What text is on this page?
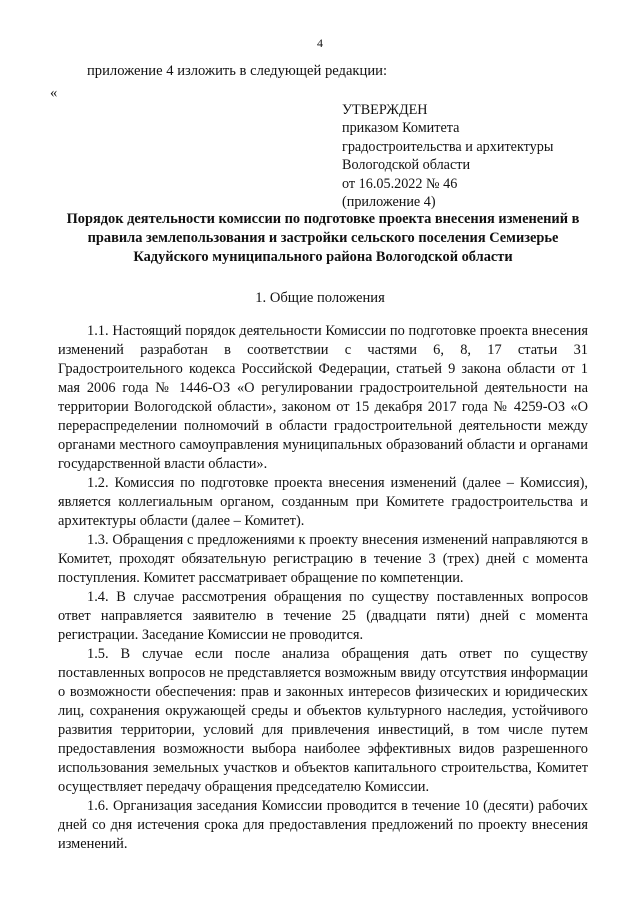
4
приложение 4 изложить в следующей редакции:
«
УТВЕРЖДЕН
приказом Комитета
градостроительства и архитектуры
Вологодской области
от 16.05.2022 № 46
(приложение 4)
Порядок деятельности комиссии по подготовке проекта внесения изменений в правила землепользования и застройки сельского поселения Семизерье Кадуйского муниципального района Вологодской области
1. Общие положения

1.1. Настоящий порядок деятельности Комиссии по подготовке проекта внесения изменений разработан в соответствии с частями 6, 8, 17 статьи 31 Градостроительного кодекса Российской Федерации, статьей 9 закона области от 1 мая 2006 года № 1446-ОЗ «О регулировании градостроительной деятельности на территории Вологодской области», законом от 15 декабря 2017 года № 4259-ОЗ «О перераспределении полномочий в области градостроительной деятельности между органами местного самоуправления муниципальных образований области и органами государственной власти области».

1.2. Комиссия по подготовке проекта внесения изменений (далее – Комиссия), является коллегиальным органом, созданным при Комитете градостроительства и архитектуры области (далее – Комитет).

1.3. Обращения с предложениями к проекту внесения изменений направляются в Комитет, проходят обязательную регистрацию в течение 3 (трех) дней с момента поступления. Комитет рассматривает обращение по компетенции.

1.4. В случае рассмотрения обращения по существу поставленных вопросов ответ направляется заявителю в течение 25 (двадцати пяти) дней с момента регистрации. Заседание Комиссии не проводится.

1.5. В случае если после анализа обращения дать ответ по существу поставленных вопросов не представляется возможным ввиду отсутствия информации о возможности обеспечения: прав и законных интересов физических и юридических лиц, сохранения окружающей среды и объектов культурного наследия, устойчивого развития территории, условий для привлечения инвестиций, в том числе путем предоставления возможности выбора наиболее эффективных видов разрешенного использования земельных участков и объектов капитального строительства, Комитет осуществляет передачу обращения председателю Комиссии.

1.6. Организация заседания Комиссии проводится в течение 10 (десяти) рабочих дней со дня истечения срока для предоставления предложений по проекту внесения изменений.
